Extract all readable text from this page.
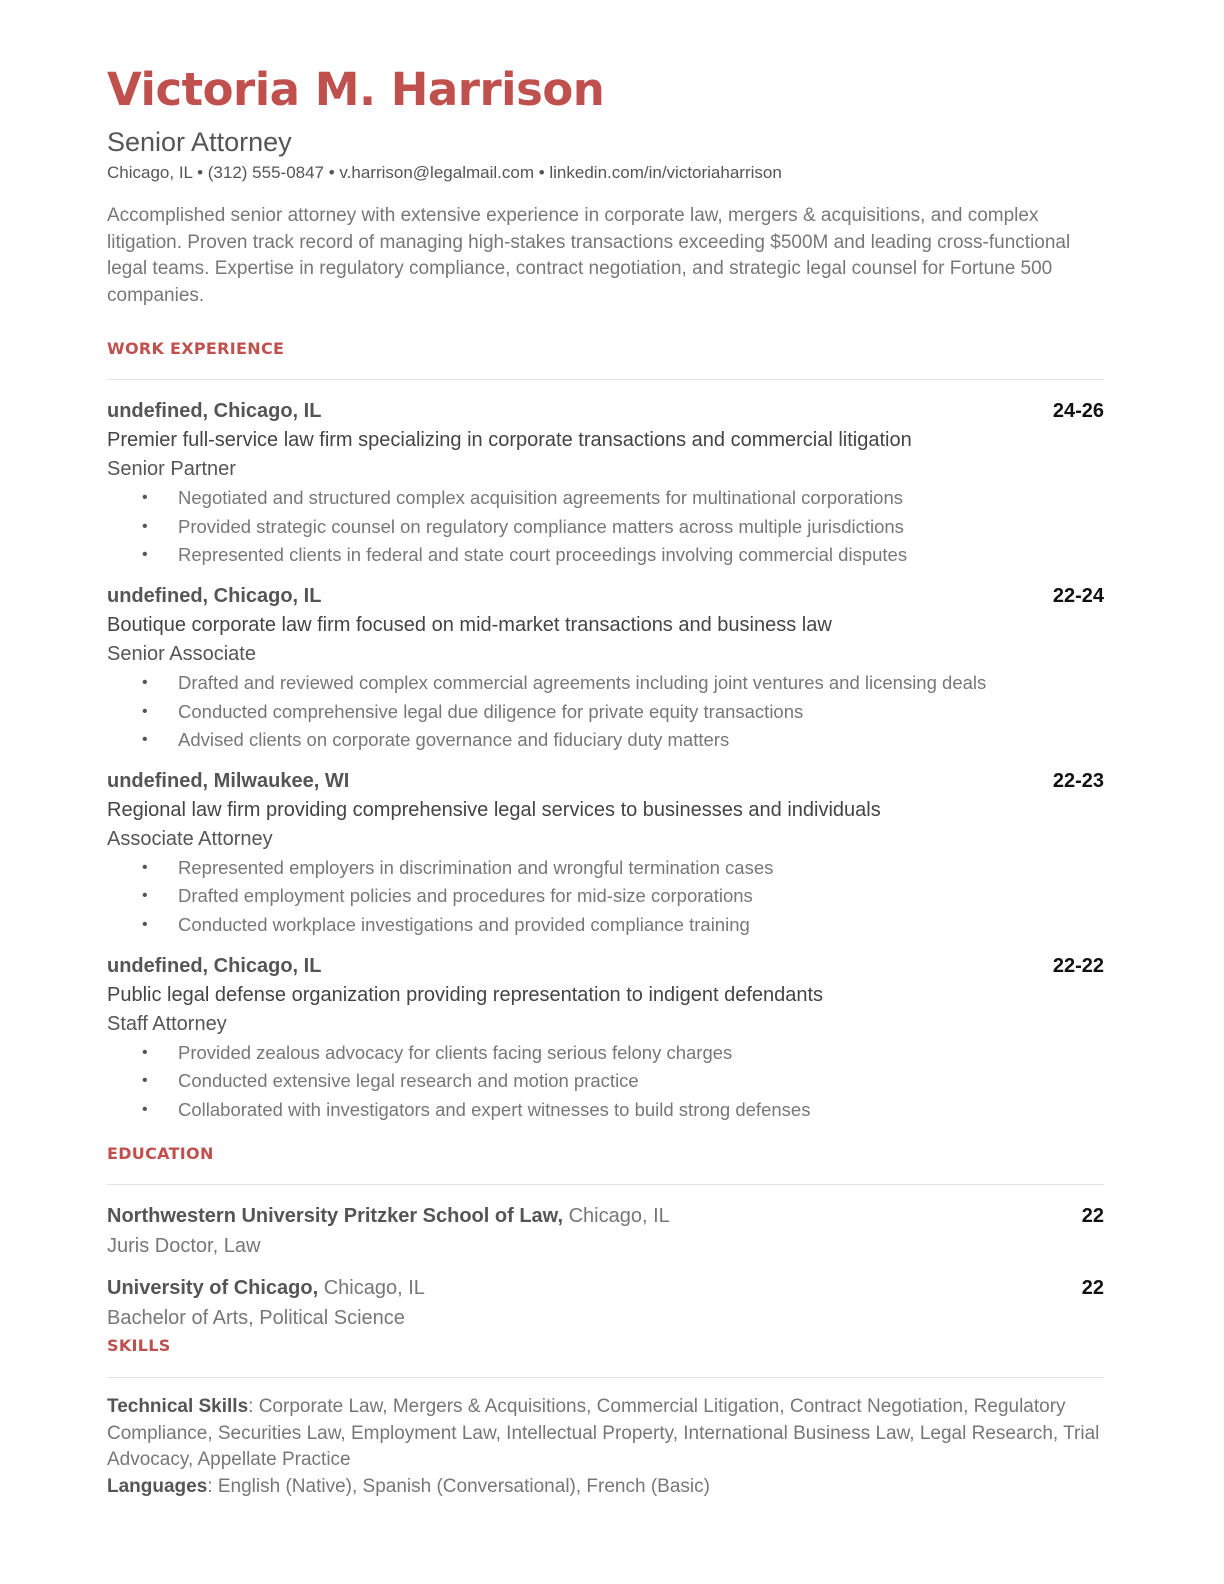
Victoria M. Harrison
Senior Attorney
Chicago, IL • (312) 555-0847 • v.harrison@legalmail.com • linkedin.com/in/victoriaharrison
Accomplished senior attorney with extensive experience in corporate law, mergers & acquisitions, and complex litigation. Proven track record of managing high-stakes transactions exceeding $500M and leading cross-functional legal teams. Expertise in regulatory compliance, contract negotiation, and strategic legal counsel for Fortune 500 companies.
WORK EXPERIENCE
undefined, Chicago, IL	24-26
Premier full-service law firm specializing in corporate transactions and commercial litigation
Senior Partner
• Negotiated and structured complex acquisition agreements for multinational corporations
• Provided strategic counsel on regulatory compliance matters across multiple jurisdictions
• Represented clients in federal and state court proceedings involving commercial disputes
undefined, Chicago, IL	22-24
Boutique corporate law firm focused on mid-market transactions and business law
Senior Associate
• Drafted and reviewed complex commercial agreements including joint ventures and licensing deals
• Conducted comprehensive legal due diligence for private equity transactions
• Advised clients on corporate governance and fiduciary duty matters
undefined, Milwaukee, WI	22-23
Regional law firm providing comprehensive legal services to businesses and individuals
Associate Attorney
• Represented employers in discrimination and wrongful termination cases
• Drafted employment policies and procedures for mid-size corporations
• Conducted workplace investigations and provided compliance training
undefined, Chicago, IL	22-22
Public legal defense organization providing representation to indigent defendants
Staff Attorney
• Provided zealous advocacy for clients facing serious felony charges
• Conducted extensive legal research and motion practice
• Collaborated with investigators and expert witnesses to build strong defenses
EDUCATION
Northwestern University Pritzker School of Law, Chicago, IL	22
Juris Doctor, Law
University of Chicago, Chicago, IL	22
Bachelor of Arts, Political Science
SKILLS
Technical Skills: Corporate Law, Mergers & Acquisitions, Commercial Litigation, Contract Negotiation, Regulatory Compliance, Securities Law, Employment Law, Intellectual Property, International Business Law, Legal Research, Trial Advocacy, Appellate Practice
Languages: English (Native), Spanish (Conversational), French (Basic)
